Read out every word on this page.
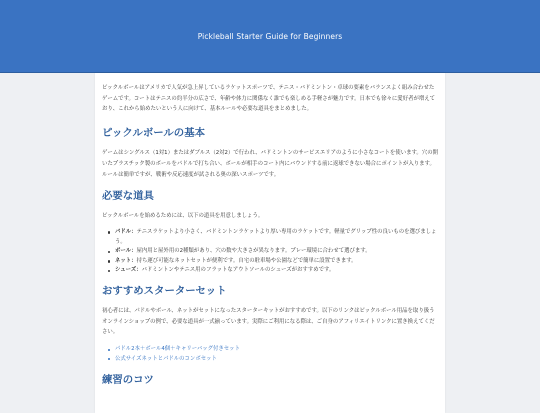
Pickleball Starter Guide for Beginners

ピックルボールはアメリカで人気が急上昇しているラケットスポーツで、テニス・バドミントン・卓球の要素をバランスよく組み合わせたゲームです。コートはテニスの約半分の広さで、年齢や体力に関係なく誰でも楽しめる手軽さが魅力です。日本でも徐々に愛好者が増えており、これから始めたいという人に向けて、基本ルールや必要な道具をまとめました。

ピックルボールの基本

ゲームはシングルス（1対1）またはダブルス（2対2）で行われ、バドミントンのサービスエリアのように小さなコートを使います。穴の開いたプラスチック製のボールをパドルで打ち合い、ボールが相手のコート内にバウンドする前に返球できない場合にポイントが入ります。ルールは簡単ですが、戦術や反応速度が試される奥の深いスポーツです。

必要な道具

ピックルボールを始めるためには、以下の道具を用意しましょう。

パドル：テニスラケットより小さく、バドミントンラケットより厚い専用のラケットです。軽量でグリップ性の良いものを選びましょう。
ボール：屋内用と屋外用の2種類があり、穴の数や大きさが異なります。プレー環境に合わせて選びます。
ネット：持ち運び可能なネットセットが便利です。自宅の駐車場や公園などで簡単に設置できます。
シューズ：バドミントンやテニス用のフラットなアウトソールのシューズがおすすめです。
おすすめスターターセット

初心者には、パドルやボール、ネットがセットになったスターターキットがおすすめです。以下のリンクはピックルボール用品を取り扱うオンラインショップの例で、必要な道具が一式揃っています。実際にご利用になる際は、ご自身のアフィリエイトリンクに置き換えてください。

パドル2本＋ボール4個＋キャリーバッグ付きセット
公式サイズネットとパドルのコンボセット
練習のコツ
